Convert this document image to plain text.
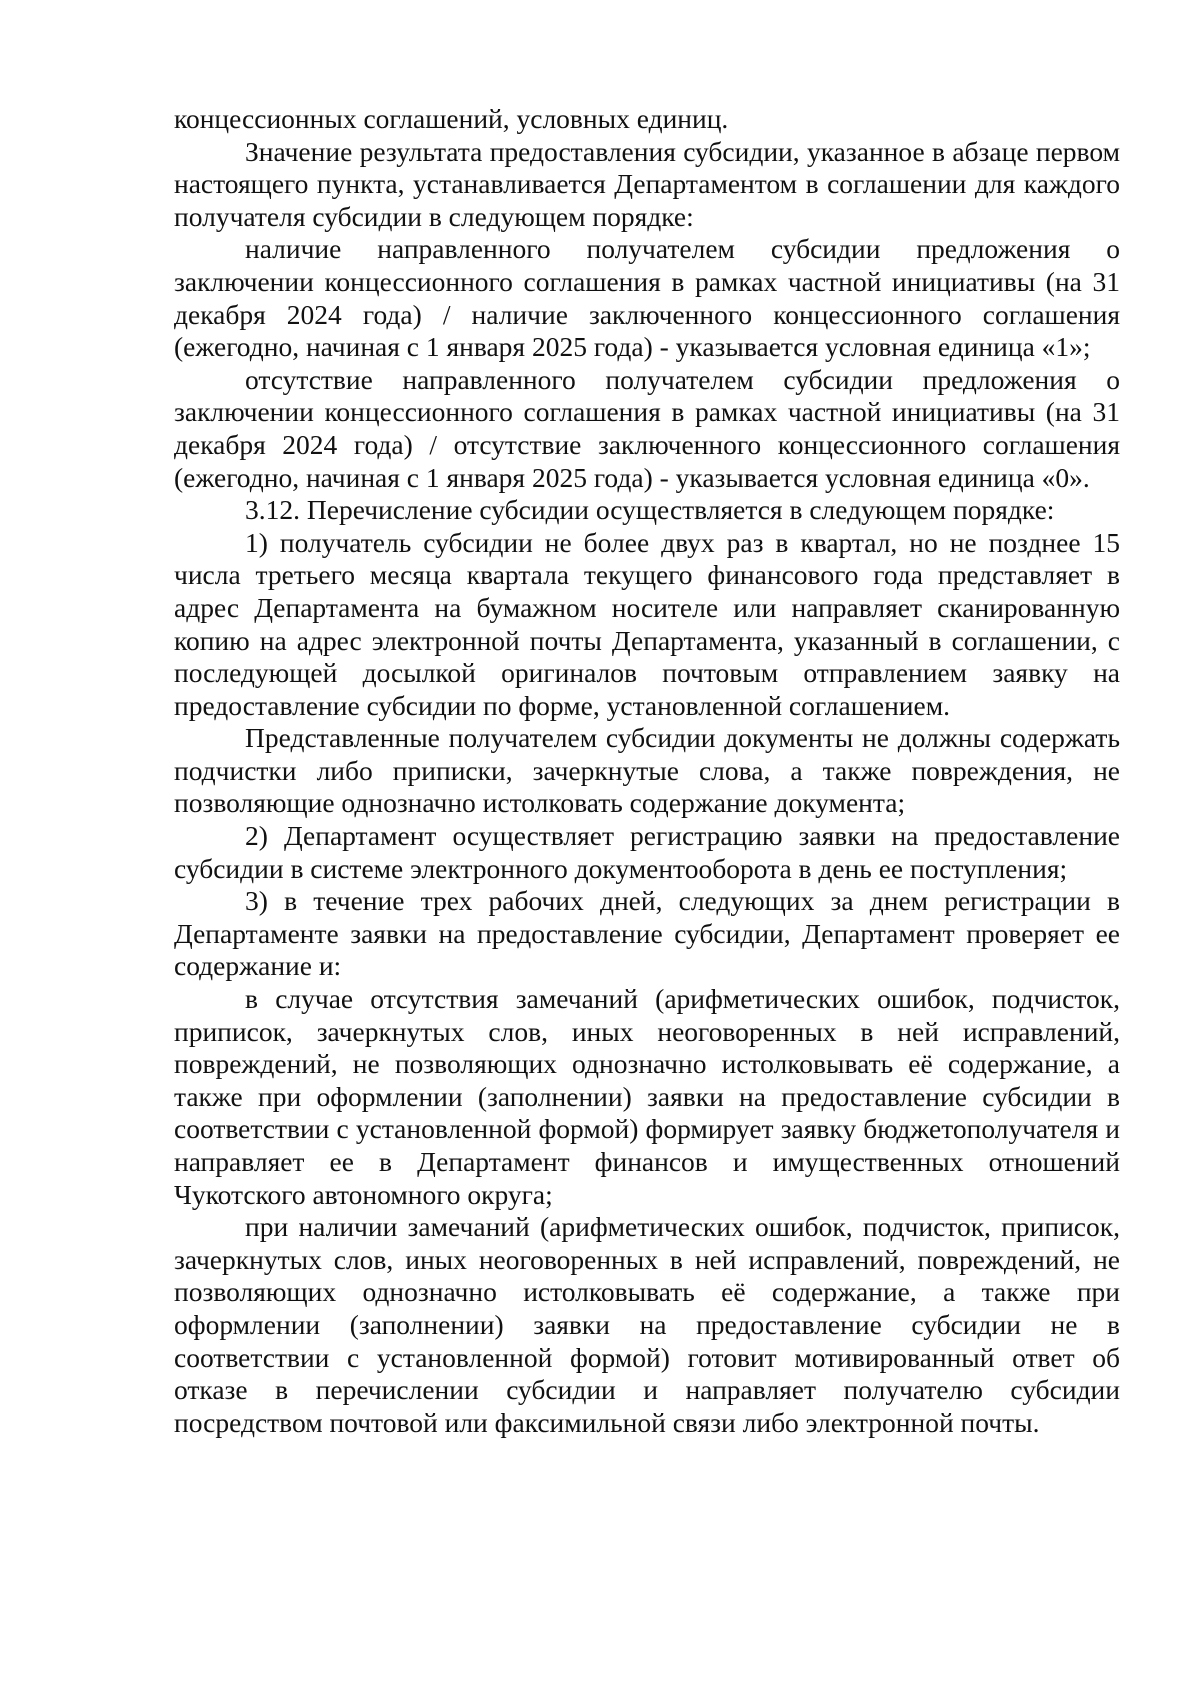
концессионных соглашений, условных единиц.

Значение результата предоставления субсидии, указанное в абзаце первом настоящего пункта, устанавливается Департаментом в соглашении для каждого получателя субсидии в следующем порядке:

наличие направленного получателем субсидии предложения о заключении концессионного соглашения в рамках частной инициативы (на 31 декабря 2024 года) / наличие заключенного концессионного соглашения (ежегодно, начиная с 1 января 2025 года) - указывается условная единица «1»;

отсутствие направленного получателем субсидии предложения о заключении концессионного соглашения в рамках частной инициативы (на 31 декабря 2024 года) / отсутствие заключенного концессионного соглашения (ежегодно, начиная с 1 января 2025 года) - указывается условная единица «0».

3.12. Перечисление субсидии осуществляется в следующем порядке:

1) получатель субсидии не более двух раз в квартал, но не позднее 15 числа третьего месяца квартала текущего финансового года представляет в адрес Департамента на бумажном носителе или направляет сканированную копию на адрес электронной почты Департамента, указанный в соглашении, с последующей досылкой оригиналов почтовым отправлением заявку на предоставление субсидии по форме, установленной соглашением.

Представленные получателем субсидии документы не должны содержать подчистки либо приписки, зачеркнутые слова, а также повреждения, не позволяющие однозначно истолковать содержание документа;

2) Департамент осуществляет регистрацию заявки на предоставление субсидии в системе электронного документооборота в день ее поступления;

3) в течение трех рабочих дней, следующих за днем регистрации в Департаменте заявки на предоставление субсидии, Департамент проверяет ее содержание и:

в случае отсутствия замечаний (арифметических ошибок, подчисток, приписок, зачеркнутых слов, иных неоговоренных в ней исправлений, повреждений, не позволяющих однозначно истолковывать её содержание, а также при оформлении (заполнении) заявки на предоставление субсидии в соответствии с установленной формой) формирует заявку бюджетополучателя и направляет ее в Департамент финансов и имущественных отношений Чукотского автономного округа;

при наличии замечаний (арифметических ошибок, подчисток, приписок, зачеркнутых слов, иных неоговоренных в ней исправлений, повреждений, не позволяющих однозначно истолковывать её содержание, а также при оформлении (заполнении) заявки на предоставление субсидии не в соответствии с установленной формой) готовит мотивированный ответ об отказе в перечислении субсидии и направляет получателю субсидии посредством почтовой или факсимильной связи либо электронной почты.
